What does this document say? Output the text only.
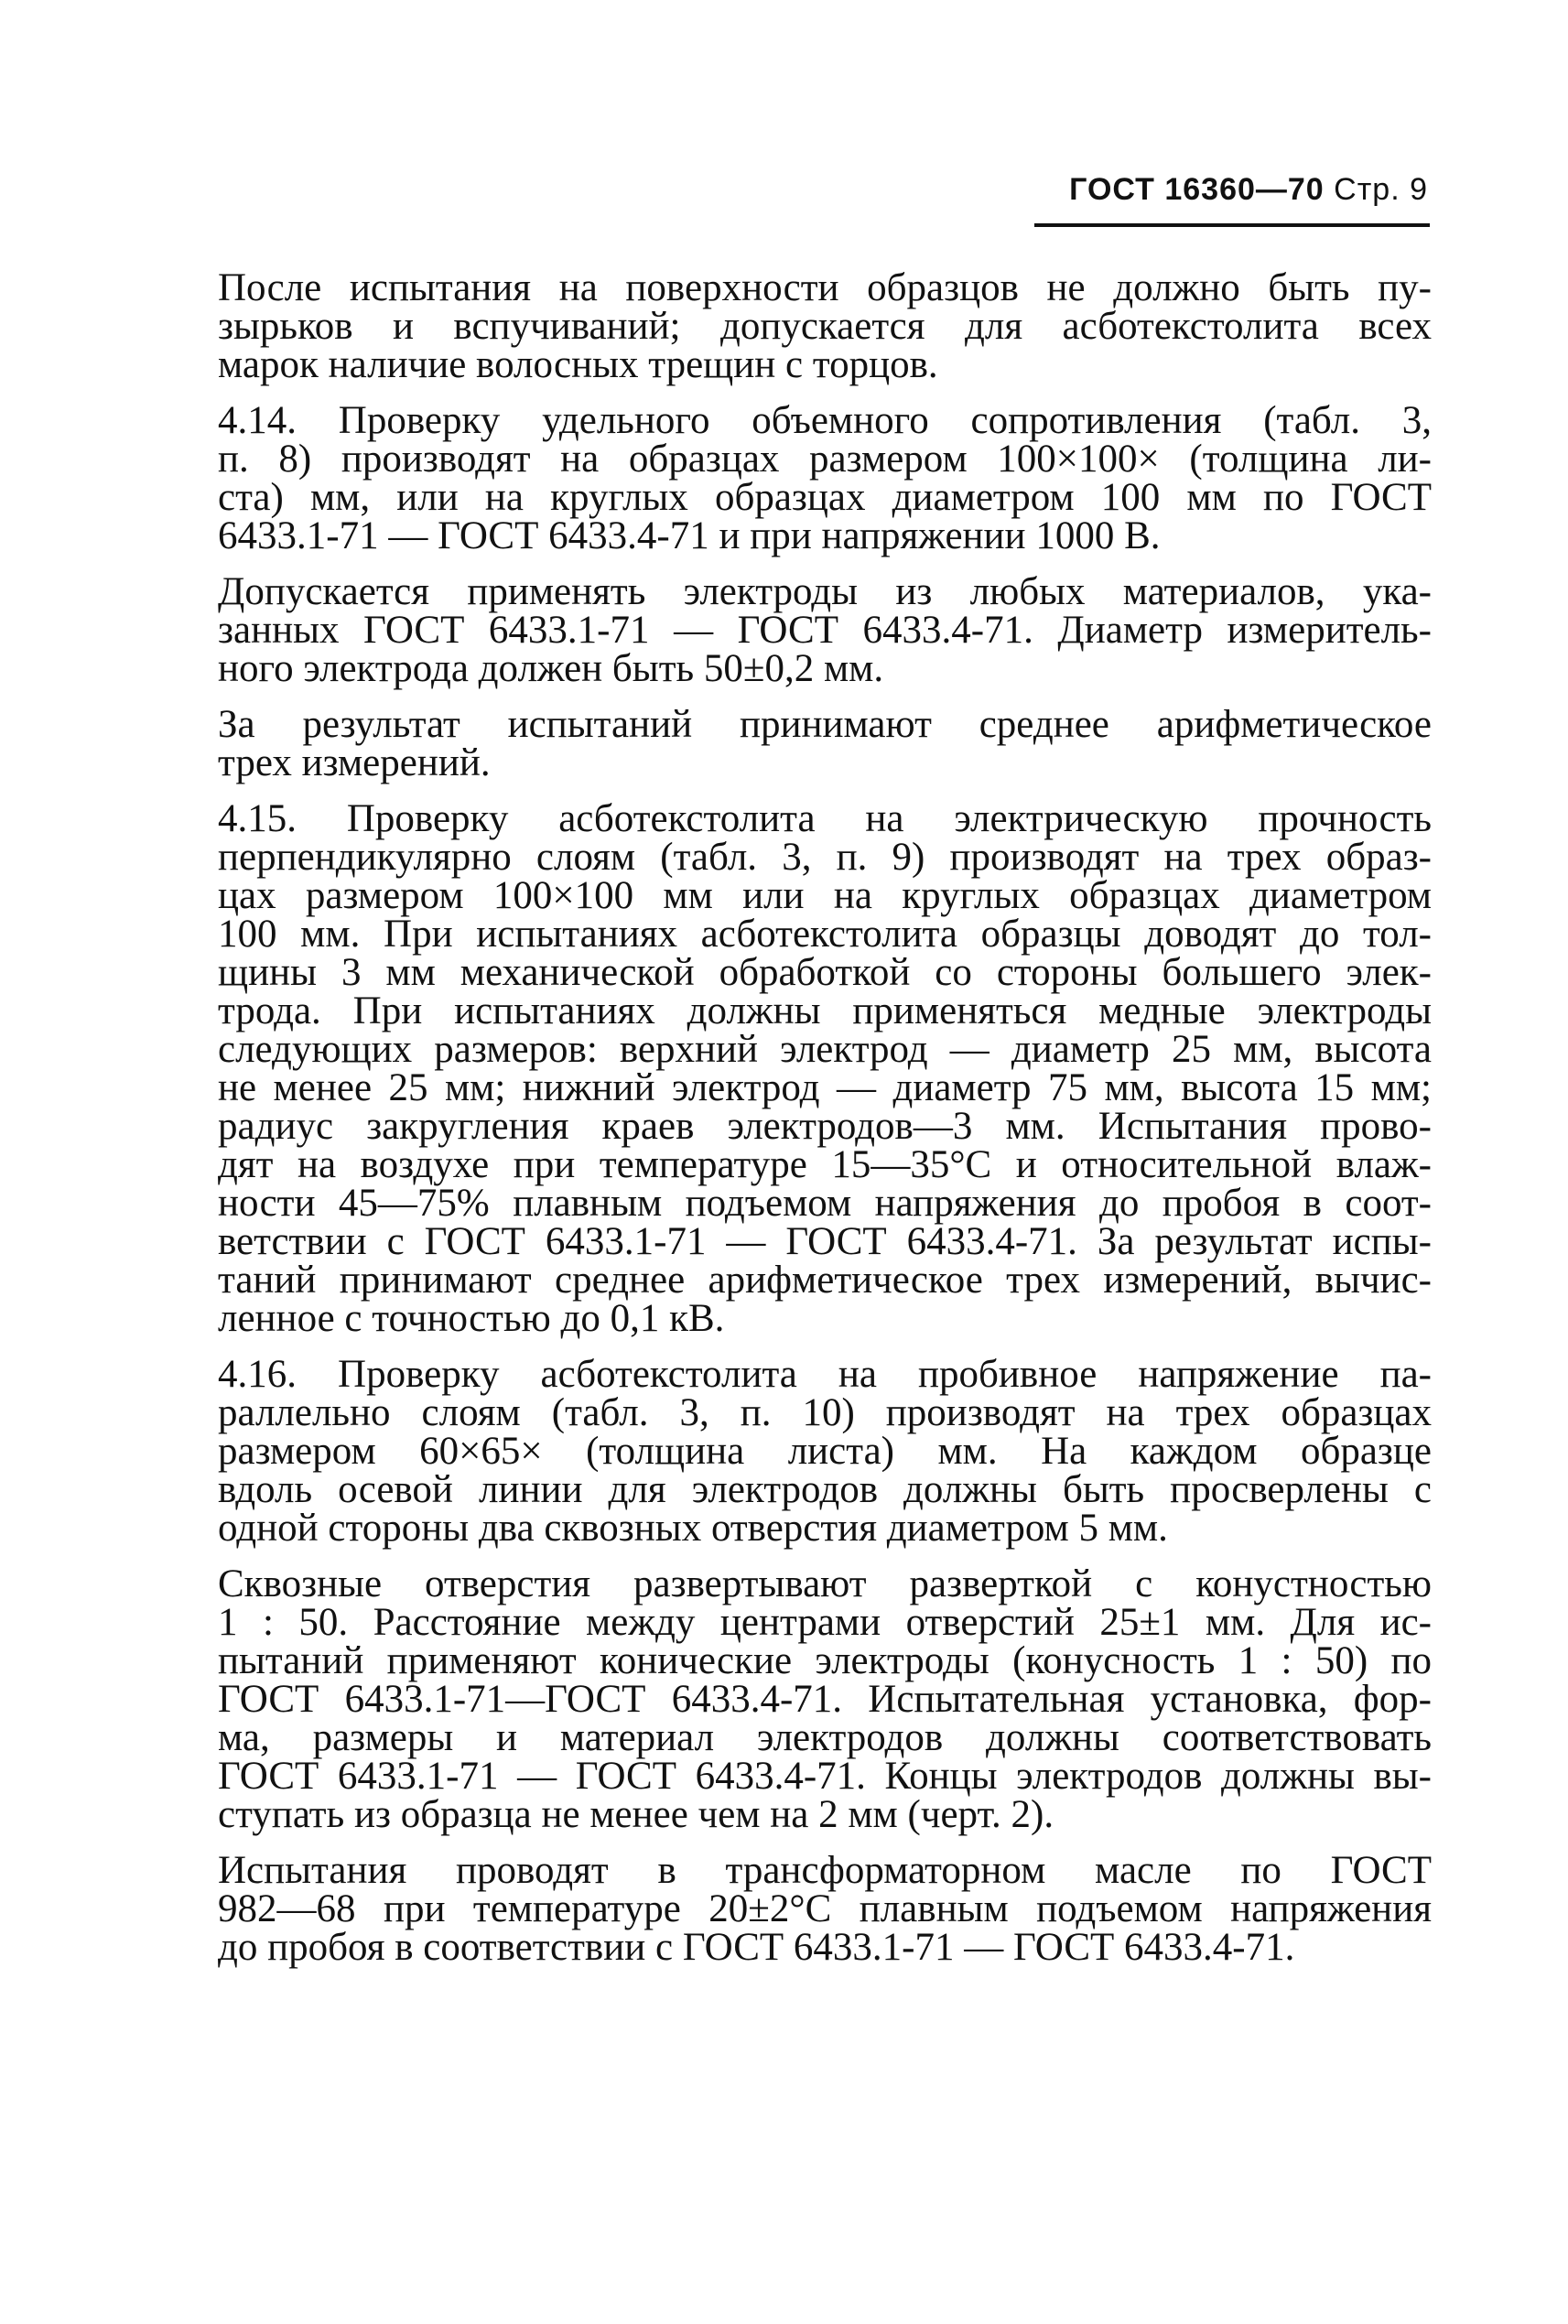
ГОСТ 16360—70 Стр. 9
После испытания на поверхности образцов не должно быть пу-
зырьков и вспучиваний; допускается для асботекстолита всех
марок наличие волосных трещин с торцов.
4.14. Проверку удельного объемного сопротивления (табл. 3,
п. 8) производят на образцах размером 100×100× (толщина ли-
ста) мм, или на круглых образцах диаметром 100 мм по ГОСТ
6433.1-71 — ГОСТ 6433.4-71 и при напряжении 1000 В.
Допускается применять электроды из любых материалов, ука-
занных ГОСТ 6433.1-71 — ГОСТ 6433.4-71. Диаметр измеритель-
ного электрода должен быть 50±0,2 мм.
За результат испытаний принимают среднее арифметическое
трех измерений.
4.15. Проверку асботекстолита на электрическую прочность
перпендикулярно слоям (табл. 3, п. 9) производят на трех образ-
цах размером 100×100 мм или на круглых образцах диаметром
100 мм. При испытаниях асботекстолита образцы доводят до тол-
щины 3 мм механической обработкой со стороны большего элек-
трода. При испытаниях должны применяться медные электроды
следующих размеров: верхний электрод — диаметр 25 мм, высота
не менее 25 мм; нижний электрод — диаметр 75 мм, высота 15 мм;
радиус закругления краев электродов—3 мм. Испытания прово-
дят на воздухе при температуре 15—35°С и относительной влаж-
ности 45—75% плавным подъемом напряжения до пробоя в соот-
ветствии с ГОСТ 6433.1-71 — ГОСТ 6433.4-71. За результат испы-
таний принимают среднее арифметическое трех измерений, вычис-
ленное с точностью до 0,1 кВ.
4.16. Проверку асботекстолита на пробивное напряжение па-
раллельно слоям (табл. 3, п. 10) производят на трех образцах
размером 60×65× (толщина листа) мм. На каждом образце
вдоль осевой линии для электродов должны быть просверлены с
одной стороны два сквозных отверстия диаметром 5 мм.
Сквозные отверстия развертывают разверткой с конустностью
1 : 50. Расстояние между центрами отверстий 25±1 мм. Для ис-
пытаний применяют конические электроды (конусность 1 : 50) по
ГОСТ 6433.1-71—ГОСТ 6433.4-71. Испытательная установка, фор-
ма, размеры и материал электродов должны соответствовать
ГОСТ 6433.1-71 — ГОСТ 6433.4-71. Концы электродов должны вы-
ступать из образца не менее чем на 2 мм (черт. 2).
Испытания проводят в трансформаторном масле по ГОСТ
982—68 при температуре 20±2°С плавным подъемом напряжения
до пробоя в соответствии с ГОСТ 6433.1-71 — ГОСТ 6433.4-71.
